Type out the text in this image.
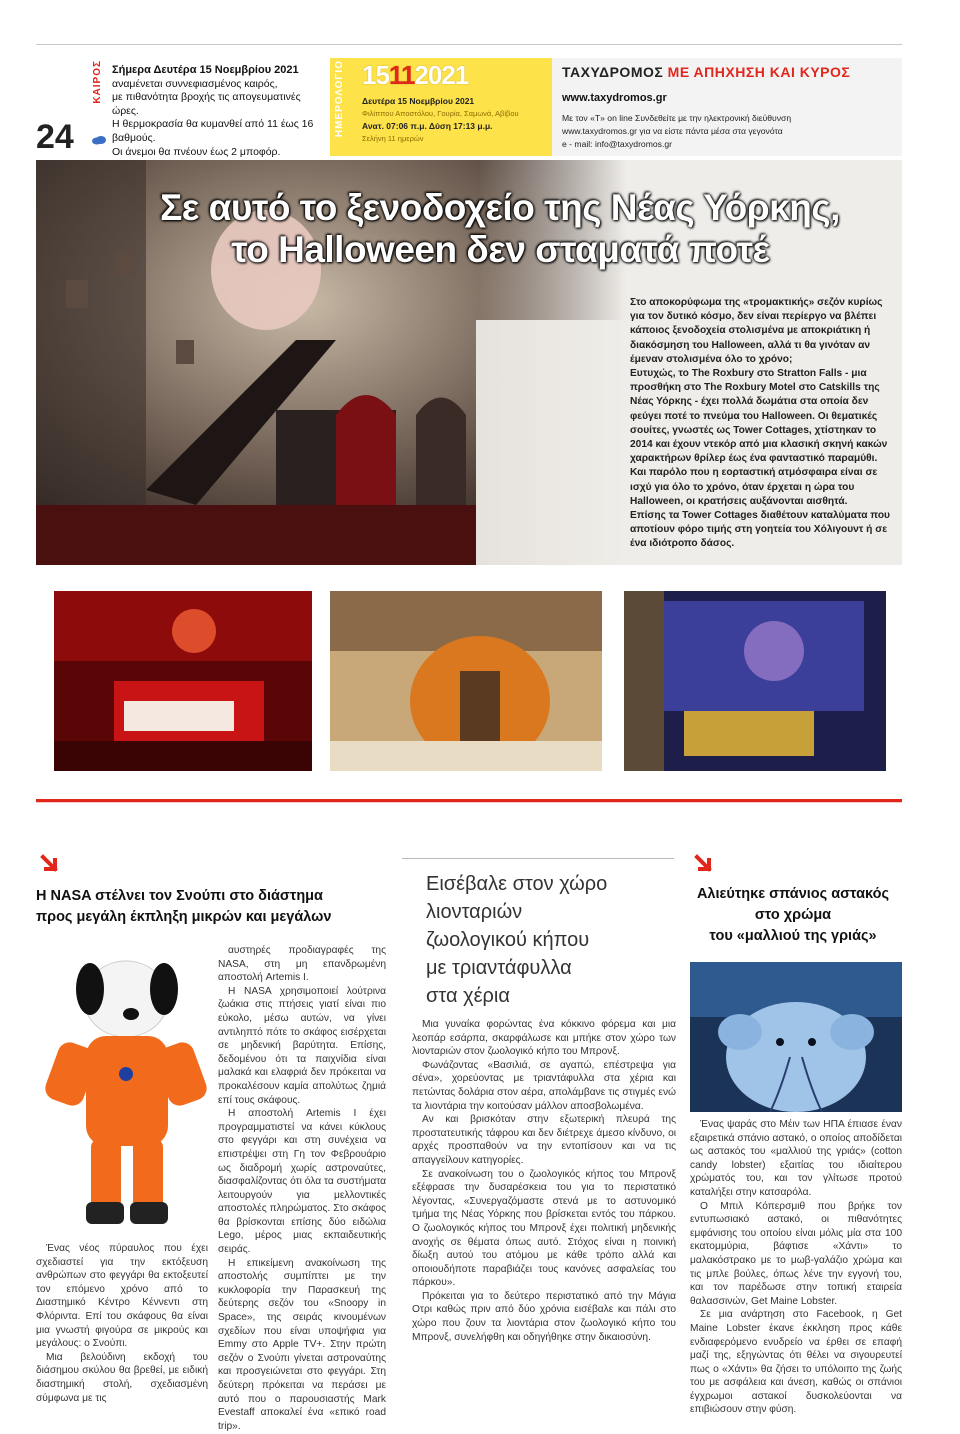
24
ΚΑΙΡΟΣ Σήμερα Δευτέρα 15 Νοεμβρίου 2021
αναμένεται συννεφιασμένος καιρός,
με πιθανότητα βροχής τις απογευματινές ώρες.
Η θερμοκρασία θα κυμανθεί από 11 έως 16 βαθμούς.
Οι άνεμοι θα πνέουν έως 2 μποφόρ.
ΗΜΕΡΟΛΟΓΙΟ 15112021
Δευτέρα 15 Νοεμβρίου 2021
Φιλίππου Αποστόλου, Γουρία, Σαμωνά, Αβίβου
Ανατ. 07:06 π.μ. Δύση 17:13 μ.μ.
Σελήνη 11 ημερών
ΤΑΧΥΔΡΟΜΟΣ ΜΕ ΑΠΗΧΗΣΗ ΚΑΙ ΚΥΡΟΣ
www.taxydromos.gr
Με τον «Τ» on line Συνδεθείτε με την ηλεκτρονική διεύθυνση
www.taxydromos.gr για να είστε πάντα μέσα στα γεγονότα
e - mail: info@taxydromos.gr
Σε αυτό το ξενοδοχείο της Νέας Υόρκης,
το Halloween δεν σταματά ποτέ

Στο αποκορύφωμα της «τρομακτικής» σεζόν κυρίως για τον δυτικό κόσμο, δεν είναι περίεργο να βλέπει κάποιος ξενοδοχεία στολισμένα με αποκριάτικη ή διακόσμηση του Halloween, αλλά τι θα γινόταν αν έμεναν στολισμένα όλο το χρόνο;

Ευτυχώς, το The Roxbury στο Stratton Falls - μια προσθήκη στο The Roxbury Motel στο Catskills της Νέας Υόρκης - έχει πολλά δωμάτια στα οποία δεν φεύγει ποτέ το πνεύμα του Halloween. Οι θεματικές σουίτες, γνωστές ως Tower Cottages, χτίστηκαν το 2014 και έχουν ντεκόρ από μια κλασική σκηνή κακών χαρακτήρων θρίλερ έως ένα φανταστικό παραμύθι.

Και παρόλο που η εορταστική ατμόσφαιρα είναι σε ισχύ για όλο το χρόνο, όταν έρχεται η ώρα του Halloween, οι κρατήσεις αυξάνονται αισθητά.

Επίσης τα Tower Cottages διαθέτουν καταλύματα που αποτίουν φόρο τιμής στη γοητεία του Χόλιγουντ ή σε ένα ιδιότροπο δάσος.

Η NASA στέλνει τον Σνούπι στο διάστημα
προς μεγάλη έκπληξη μικρών και μεγάλων

Ένας νέος πύραυλος που έχει σχεδιαστεί για την εκτόξευση ανθρώπων στο φεγγάρι θα εκτοξευτεί τον επόμενο χρόνο από το Διαστημικό Κέντρο Κέννεντι στη Φλόριντα. Επί του σκάφους θα είναι μια γνωστή φιγούρα σε μικρούς και μεγάλους: ο Σνούπι.

Μια βελούδινη εκδοχή του διάσημου σκύλου θα βρεθεί, με ειδική διαστημική στολή, σχεδιασμένη σύμφωνα με τις

αυστηρές προδιαγραφές της NASA, στη μη επανδρωμένη αποστολή Artemis I.

Η NASA χρησιμοποιεί λούτρινα ζωάκια στις πτήσεις γιατί είναι πιο εύκολο, μέσω αυτών, να γίνει αντιληπτό πότε το σκάφος εισέρχεται σε μηδενική βαρύτητα. Επίσης, δεδομένου ότι τα παιχνίδια είναι μαλακά και ελαφριά δεν πρόκειται να προκαλέσουν καμία απολύτως ζημιά επί τους σκάφους.

Η αποστολή Artemis I έχει προγραμματιστεί να κάνει κύκλους στο φεγγάρι και στη συνέχεια να επιστρέψει στη Γη τον Φεβρουάριο ως διαδρομή χωρίς αστροναύτες, διασφαλίζοντας ότι όλα τα συστήματα λειτουργούν για μελλοντικές αποστολές πληρώματος. Στο σκάφος θα βρίσκονται επίσης δύο ειδώλια Lego, μέρος μιας εκπαιδευτικής σειράς.

Η επικείμενη ανακοίνωση της αποστολής συμπίπτει με την κυκλοφορία την Παρασκευή της δεύτερης σεζόν του «Snoopy in Space», της σειράς κινουμένων σχεδίων που είναι υποψήφια για Emmy στο Apple TV+. Στην πρώτη σεζόν ο Σνούπι γίνεται αστροναύτης και προσγειώνεται στο φεγγάρι. Στη δεύτερη πρόκειται να περάσει με αυτό που ο παρουσιαστής Mark Evestaff αποκαλεί ένα «επικό road trip».

Εισέβαλε στον χώρο
λιονταριών
ζωολογικού κήπου
με τριαντάφυλλα
στα χέρια

Μια γυναίκα φορώντας ένα κόκκινο φόρεμα και μια λεοπάρ εσάρπα, σκαρφάλωσε και μπήκε στον χώρο των λιονταριών στον ζωολογικό κήπο του Μπρονξ.

Φωνάζοντας «Βασιλιά, σε αγαπώ, επέστρεψα για σένα», χορεύοντας με τριαντάφυλλα στα χέρια και πετώντας δολάρια στον αέρα, απολάμβανε τις στιγμές ενώ τα λιοντάρια την κοιτούσαν μάλλον αποσβολωμένα.

Αν και βρισκόταν στην εξωτερική πλευρά της προστατευτικής τάφρου και δεν διέτρεχε άμεσο κίνδυνο, οι αρχές προσπαθούν να την εντοπίσουν και να τις απαγγείλουν κατηγορίες.

Σε ανακοίνωση του ο ζωολογικός κήπος του Μπρονξ εξέφρασε την δυσαρέσκεια του για το περιστατικό λέγοντας, «Συνεργαζόμαστε στενά με το αστυνομικό τμήμα της Νέας Υόρκης που βρίσκεται εντός του πάρκου. Ο ζωολογικός κήπος του Μπρονξ έχει πολιτική μηδενικής ανοχής σε θέματα όπως αυτό. Στόχος είναι η ποινική δίωξη αυτού του ατόμου με κάθε τρόπο αλλά και οποιουδήποτε παραβιάζει τους κανόνες ασφαλείας του πάρκου».

Πρόκειται για το δεύτερο περιστατικό από την Μάγια Οτρι καθώς πριν από δύο χρόνια εισέβαλε και πάλι στο χώρο που ζουν τα λιοντάρια στον ζωολογικό κήπο του Μπρονξ, συνελήφθη και οδηγήθηκε στην δικαιοσύνη.

Αλιεύτηκε σπάνιος αστακός
στο χρώμα
του «μαλλιού της γριάς»

Ένας ψαράς στο Μέιν των ΗΠΑ έπιασε έναν εξαιρετικά σπάνιο αστακό, ο οποίος αποδίδεται ως αστακός του «μαλλιού της γριάς» (cotton candy lobster) εξαιτίας του ιδιαίτερου χρώματός του, και τον γλίτωσε προτού καταλήξει στην κατσαρόλα.

Ο Μπιλ Κόπερσμιθ που βρήκε τον εντυπωσιακό αστακό, οι πιθανότητες εμφάνισης του οποίου είναι μόλις μία στα 100 εκατομμύρια, βάφτισε «Χάντι» το μαλακόστρακο με το μωβ-γαλάζιο χρώμα και τις μπλε βούλες, όπως λένε την εγγονή του, και τον παρέδωσε στην τοπική εταιρεία θαλασσινών, Get Maine Lobster.

Σε μια ανάρτηση στο Facebook, η Get Maine Lobster έκανε έκκληση προς κάθε ενδιαφερόμενο ενυδρείο να έρθει σε επαφή μαζί της, εξηγώντας ότι θέλει να σιγουρευτεί πως ο «Χάντι» θα ζήσει το υπόλοιπο της ζωής του με ασφάλεια και άνεση, καθώς οι σπάνιοι έγχρωμοι αστακοί δυσκολεύονται να επιβιώσουν στην φύση.
